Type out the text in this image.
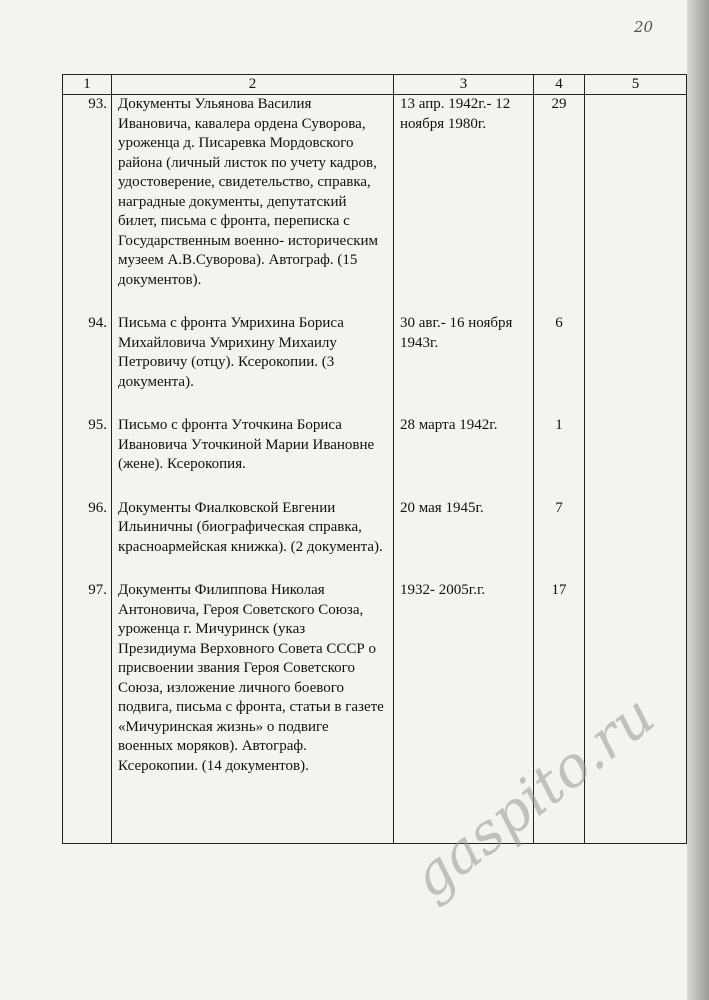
20
1	2	3	4	5
93.	Документы Ульянова Василия Ивановича, кавалера ордена Суворова, уроженца д. Писаревка Мордовского района (личный листок по учету кадров, удостоверение, свидетельство, справка, наградные документы, депутатский билет, письма с фронта, переписка с Государственным военно- историческим музеем А.В.Суворова). Автограф. (15 документов).	13 апр. 1942г.- 12 ноября 1980г.	29	

94.	Письма с фронта Умрихина Бориса Михайловича Умрихину Михаилу Петровичу (отцу). Ксерокопии. (3 документа).	30 авг.- 16 ноября 1943г.	6	

95.	Письмо с фронта Уточкина Бориса Ивановича Уточкиной Марии Ивановне (жене). Ксерокопия.	28 марта 1942г.	1	

96.	Документы Фиалковской Евгении Ильиничны (биографическая справка, красноармейская книжка). (2 документа).	20 мая 1945г.	7	

97.	Документы Филиппова Николая Антоновича, Героя Советского Союза, уроженца г. Мичуринск (указ Президиума Верховного Совета СССР о присвоении звания Героя Советского Союза, изложение личного боевого подвига, письма с фронта, статьи в газете «Мичуринская жизнь» о подвиге военных моряков). Автограф. Ксерокопии. (14 документов).	1932- 2005г.г.	17	
gaspito.ru
